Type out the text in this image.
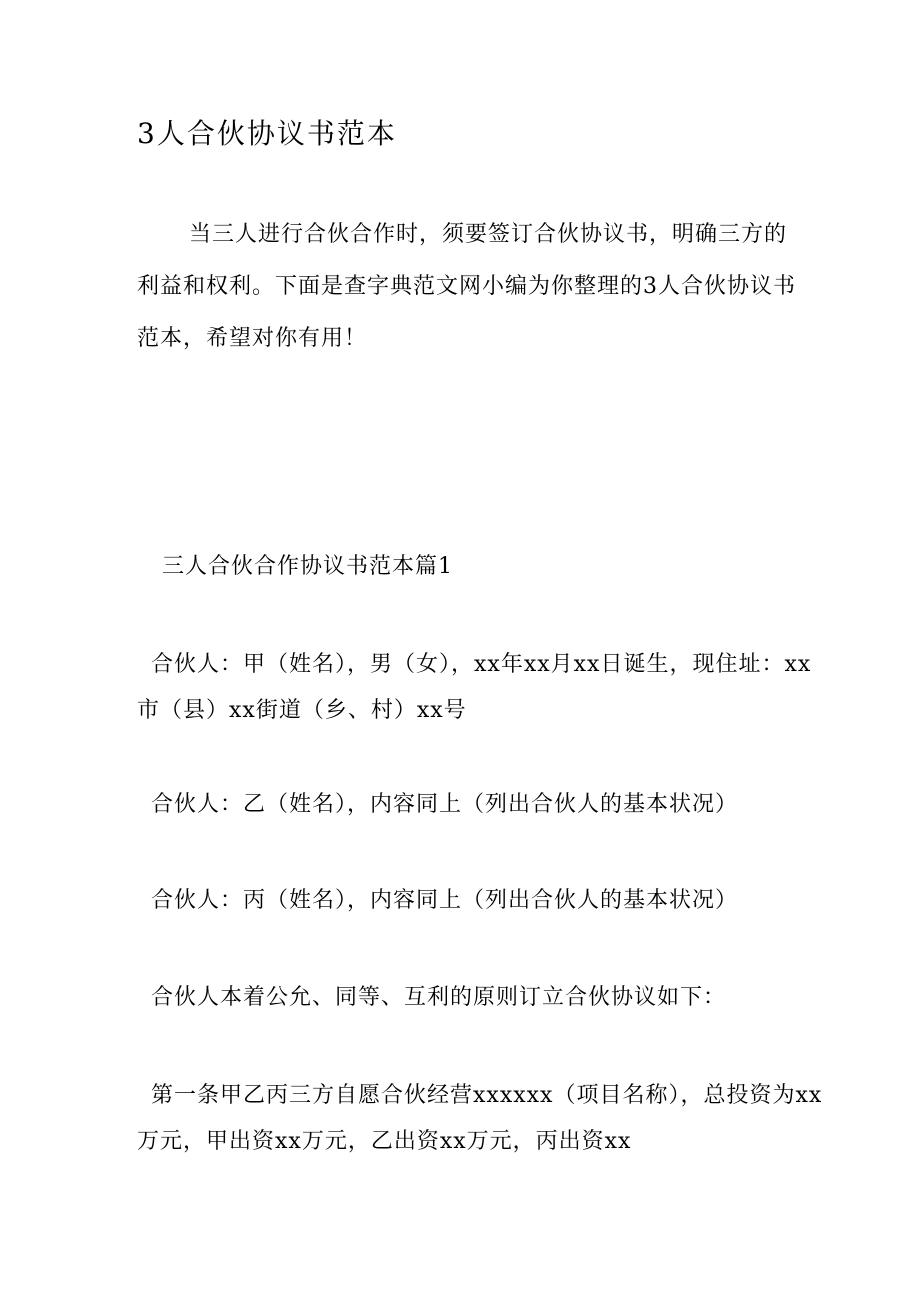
3人合伙协议书范本
当三人进行合伙合作时，须要签订合伙协议书，明确三方的
利益和权利。下面是查字典范文网小编为你整理的3人合伙协议书
范本，希望对你有用！
三人合伙合作协议书范本篇1
合伙人：甲（姓名），男（女），xx年xx月xx日诞生，现住址：xx
市（县）xx街道（乡、村）xx号
合伙人：乙（姓名），内容同上（列出合伙人的基本状况）
合伙人：丙（姓名），内容同上（列出合伙人的基本状况）
合伙人本着公允、同等、互利的原则订立合伙协议如下：
第一条甲乙丙三方自愿合伙经营xxxxxx（项目名称），总投资为xx
万元，甲出资xx万元，乙出资xx万元，丙出资xx
